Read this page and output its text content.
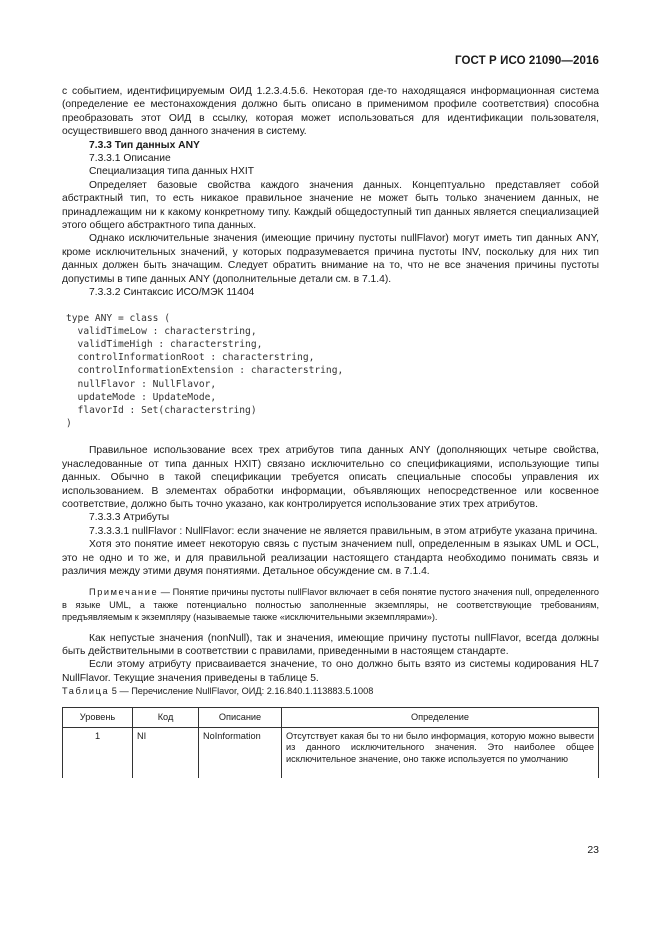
ГОСТ Р ИСО 21090—2016

с событием, идентифицируемым ОИД 1.2.3.4.5.6. Некоторая где-то находящаяся информационная система (определение ее местонахождения должно быть описано в применимом профиле соответствия) способна преобразовать этот ОИД в ссылку, которая может использоваться для идентификации пользователя, осуществившего ввод данного значения в систему.

7.3.3 Тип данных ANY

7.3.3.1 Описание

Специализация типа данных HXIT

Определяет базовые свойства каждого значения данных. Концептуально представляет собой абстрактный тип, то есть никакое правильное значение не может быть только значением данных, не принадлежащим ни к какому конкретному типу. Каждый общедоступный тип данных является специализацией этого общего абстрактного типа данных.

Однако исключительные значения (имеющие причину пустоты nullFlavor) могут иметь тип данных ANY, кроме исключительных значений, у которых подразумевается причина пустоты INV, поскольку для них тип данных должен быть значащим. Следует обратить внимание на то, что не все значения причины пустоты допустимы в типе данных ANY (дополнительные детали см. в 7.1.4).

7.3.3.2 Синтаксис ИСО/МЭК 11404

type ANY = class (
validTimeLow : characterstring,
validTimeHigh : characterstring,
controlInformationRoot : characterstring,
controlInformationExtension : characterstring,
nullFlavor : NullFlavor,
updateMode : UpdateMode,
flavorId : Set(characterstring)
)

Правильное использование всех трех атрибутов типа данных ANY (дополняющих четыре свойства, унаследованные от типа данных HXIT) связано исключительно со спецификациями, использующие типы данных. Обычно в такой спецификации требуется описать специальные способы управления их использованием. В элементах обработки информации, объявляющих непосредственное или косвенное соответствие, должно быть точно указано, как контролируется использование этих трех атрибутов.

7.3.3.3 Атрибуты

7.3.3.3.1 nullFlavor : NullFlavor: если значение не является правильным, в этом атрибуте указана причина.

Хотя это понятие имеет некоторую связь с пустым значением null, определенным в языках UML и OCL, это не одно и то же, и для правильной реализации настоящего стандарта необходимо понимать связь и различия между этими двумя понятиями. Детальное обсуждение см. в 7.1.4.

Примечание — Понятие причины пустоты nullFlavor включает в себя понятие пустого значения null, определенного в языке UML, а также потенциально полностью заполненные экземпляры, не соответствующие требованиям, предъявляемым к экземпляру (называемые также «исключительными экземплярами»).

Как непустые значения (nonNull), так и значения, имеющие причину пустоты nullFlavor, всегда должны быть действительными в соответствии с правилами, приведенными в настоящем стандарте.

Если этому атрибуту присваивается значение, то оно должно быть взято из системы кодирования HL7 NullFlavor. Текущие значения приведены в таблице 5.

Таблица 5 — Перечисление NullFlavor, ОИД: 2.16.840.1.113883.5.1008

Уровень	Код	Описание	Определение
1	NI	NoInformation	Отсутствует какая бы то ни было информация, которую можно вывести из данного исключительного значения. Это наиболее общее исключительное значение, оно также используется по умолчанию
23
